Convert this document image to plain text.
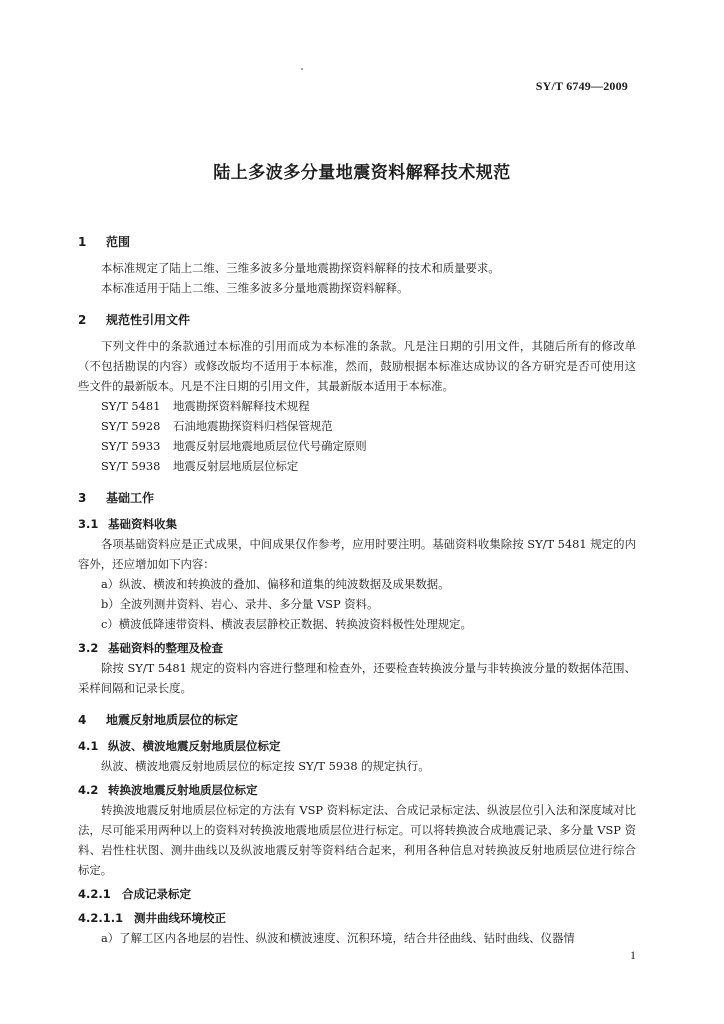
SY/T 6749—2009
陆上多波多分量地震资料解释技术规范
1 范围

本标准规定了陆上二维、三维多波多分量地震勘探资料解释的技术和质量要求。

本标准适用于陆上二维、三维多波多分量地震勘探资料解释。

2 规范性引用文件

下列文件中的条款通过本标准的引用而成为本标准的条款。凡是注日期的引用文件，其随后所有的修改单（不包括勘误的内容）或修改版均不适用于本标准，然而，鼓励根据本标准达成协议的各方研究是否可使用这些文件的最新版本。凡是不注日期的引用文件，其最新版本适用于本标准。

SY/T 5481 地震勘探资料解释技术规程
SY/T 5928 石油地震勘探资料归档保管规范
SY/T 5933 地震反射层地震地质层位代号确定原则
SY/T 5938 地震反射层地质层位标定
3 基础工作
3.1 基础资料收集

各项基础资料应是正式成果，中间成果仅作参考，应用时要注明。基础资料收集除按 SY/T 5481 规定的内容外，还应增加如下内容：

a）纵波、横波和转换波的叠加、偏移和道集的纯波数据及成果数据。
b）全波列测井资料、岩心、录井、多分量 VSP 资料。
c）横波低降速带资料、横波表层静校正数据、转换波资料极性处理规定。
3.2 基础资料的整理及检查

除按 SY/T 5481 规定的资料内容进行整理和检查外，还要检查转换波分量与非转换波分量的数据体范围、采样间隔和记录长度。

4 地震反射地质层位的标定
4.1 纵波、横波地震反射地质层位标定

纵波、横波地震反射地质层位的标定按 SY/T 5938 的规定执行。

4.2 转换波地震反射地质层位标定

转换波地震反射地质层位标定的方法有 VSP 资料标定法、合成记录标定法、纵波层位引入法和深度域对比法，尽可能采用两种以上的资料对转换波地震地质层位进行标定。可以将转换波合成地震记录、多分量 VSP 资料、岩性柱状图、测井曲线以及纵波地震反射等资料结合起来，利用各种信息对转换波反射地质层位进行综合标定。

4.2.1 合成记录标定
4.2.1.1 测井曲线环境校正
a）了解工区内各地层的岩性、纵波和横波速度、沉积环境，结合井径曲线、钻时曲线、仪器情
1
